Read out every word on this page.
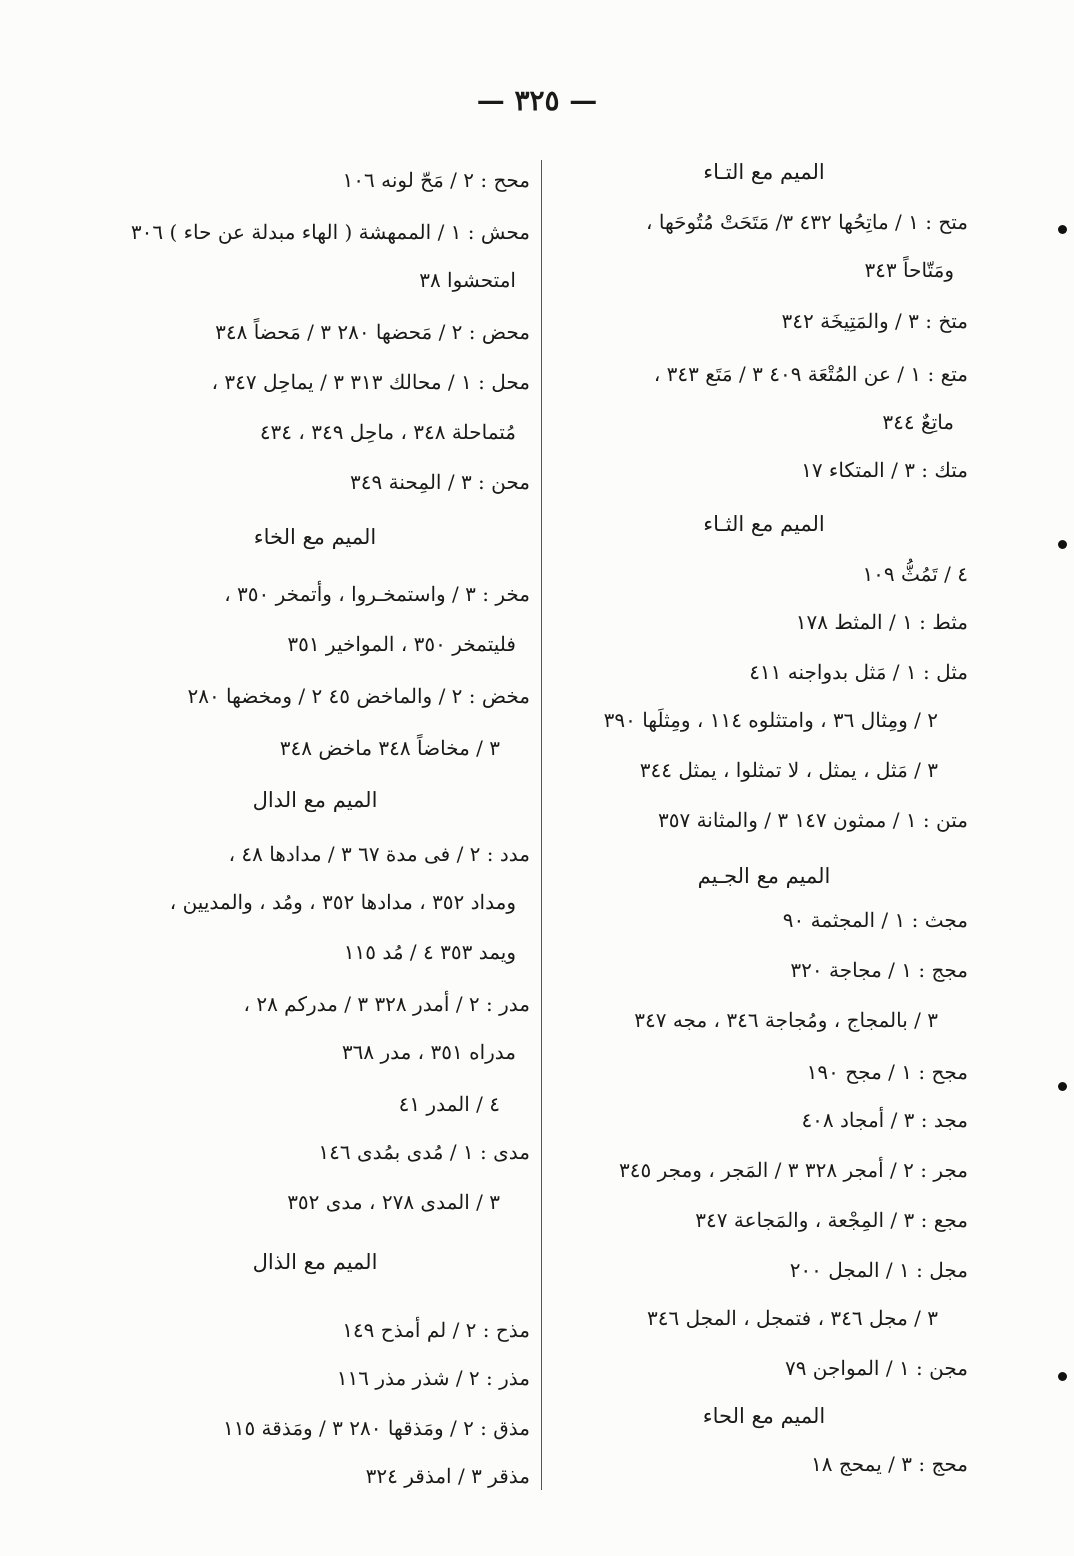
— ٣٢٥ —
الميم مع التـاء
متح : ١ / ماتِحُها ٤٣٢ ٣/ مَتَحَتْ مُتُوحَها ،
ومَتّاحاً ٣٤٣
متخ : ٣ / والمَتِيخَة ٣٤٢
متع : ١ / عن المُتْعَة ٤٠٩ ٣ / مَتَع ٣٤٣ ،
ماتِعٌ ٣٤٤
متك : ٣ / المتكاء ١٧
الميم مع الثـاء
٤ / تَمُثُّ ١٠٩
مثط : ١ / المثط ١٧٨
مثل : ١ / مَثل بدواجنه ٤١١
٢ / ومِثال ٣٦ ، وامتثلوه ١١٤ ، ومِثلَها ٣٩٠
٣ / مَثل ، يمثل ، لا تمثلوا ، يمثل ٣٤٤
متن : ١ / ممثون ١٤٧ ٣ / والمثانة ٣٥٧
الميم مع الجـيم
مجث : ١ / المجثمة ٩٠
مجج : ١ / مجاجة ٣٢٠
٣ / بالمجاج ، ومُجاجة ٣٤٦ ، مجه ٣٤٧
مجح : ١ / مجح ١٩٠
مجد : ٣ / أمجاد ٤٠٨
مجر : ٢ / أمجر ٣٢٨ ٣ / المَجر ، ومجر ٣٤٥
مجع : ٣ / المِجْعة ، والمَجاعة ٣٤٧
مجل : ١ / المجل ٢٠٠
٣ / مجل ٣٤٦ ، فتمجل ، المجل ٣٤٦
مجن : ١ / المواجن ٧٩
الميم مع الحاء
محج : ٣ / يمحج ١٨
محح : ٢ / مَحّ لونه ١٠٦
محش : ١ / الممهشة ( الهاء مبدلة عن حاء ) ٣٠٦
امتحشوا ٣٨
محض : ٢ / مَحضها ٢٨٠ ٣ / مَحضاً ٣٤٨
محل : ١ / محالك ٣١٣ ٣ / يماحِل ٣٤٧ ،
مُتماحلة ٣٤٨ ، ماحِل ٣٤٩ ، ٤٣٤
محن : ٣ / المِحنة ٣٤٩
الميم مع الخاء
مخر : ٣ / واستمخـروا ، وأتمخر ٣٥٠ ،
فليتمخر ٣٥٠ ، المواخير ٣٥١
مخض : ٢ / والماخض ٤٥ ٢ / ومخضها ٢٨٠
٣ / مخاضاً ٣٤٨ ماخض ٣٤٨
الميم مع الدال
مدد : ٢ / فى مدة ٦٧ ٣ / مدادها ٤٨ ،
ومداد ٣٥٢ ، مدادها ٣٥٢ ، ومُد ، والمديين ،
ويمد ٣٥٣ ٤ / مُد ١١٥
مدر : ٢ / أمدر ٣٢٨ ٣ / مدركم ٢٨ ،
مدراه ٣٥١ ، مدر ٣٦٨
٤ / المدر ٤١
مدى : ١ / مُدى بمُدى ١٤٦
٣ / المدى ٢٧٨ ، مدى ٣٥٢
الميم مع الذال
مذح : ٢ / لم أمذح ١٤٩
مذر : ٢ / شذر مذر ١١٦
مذق : ٢ / ومَذقها ٢٨٠ ٣ / ومَذقة ١١٥
مذقر ٣ / امذقر ٣٢٤
